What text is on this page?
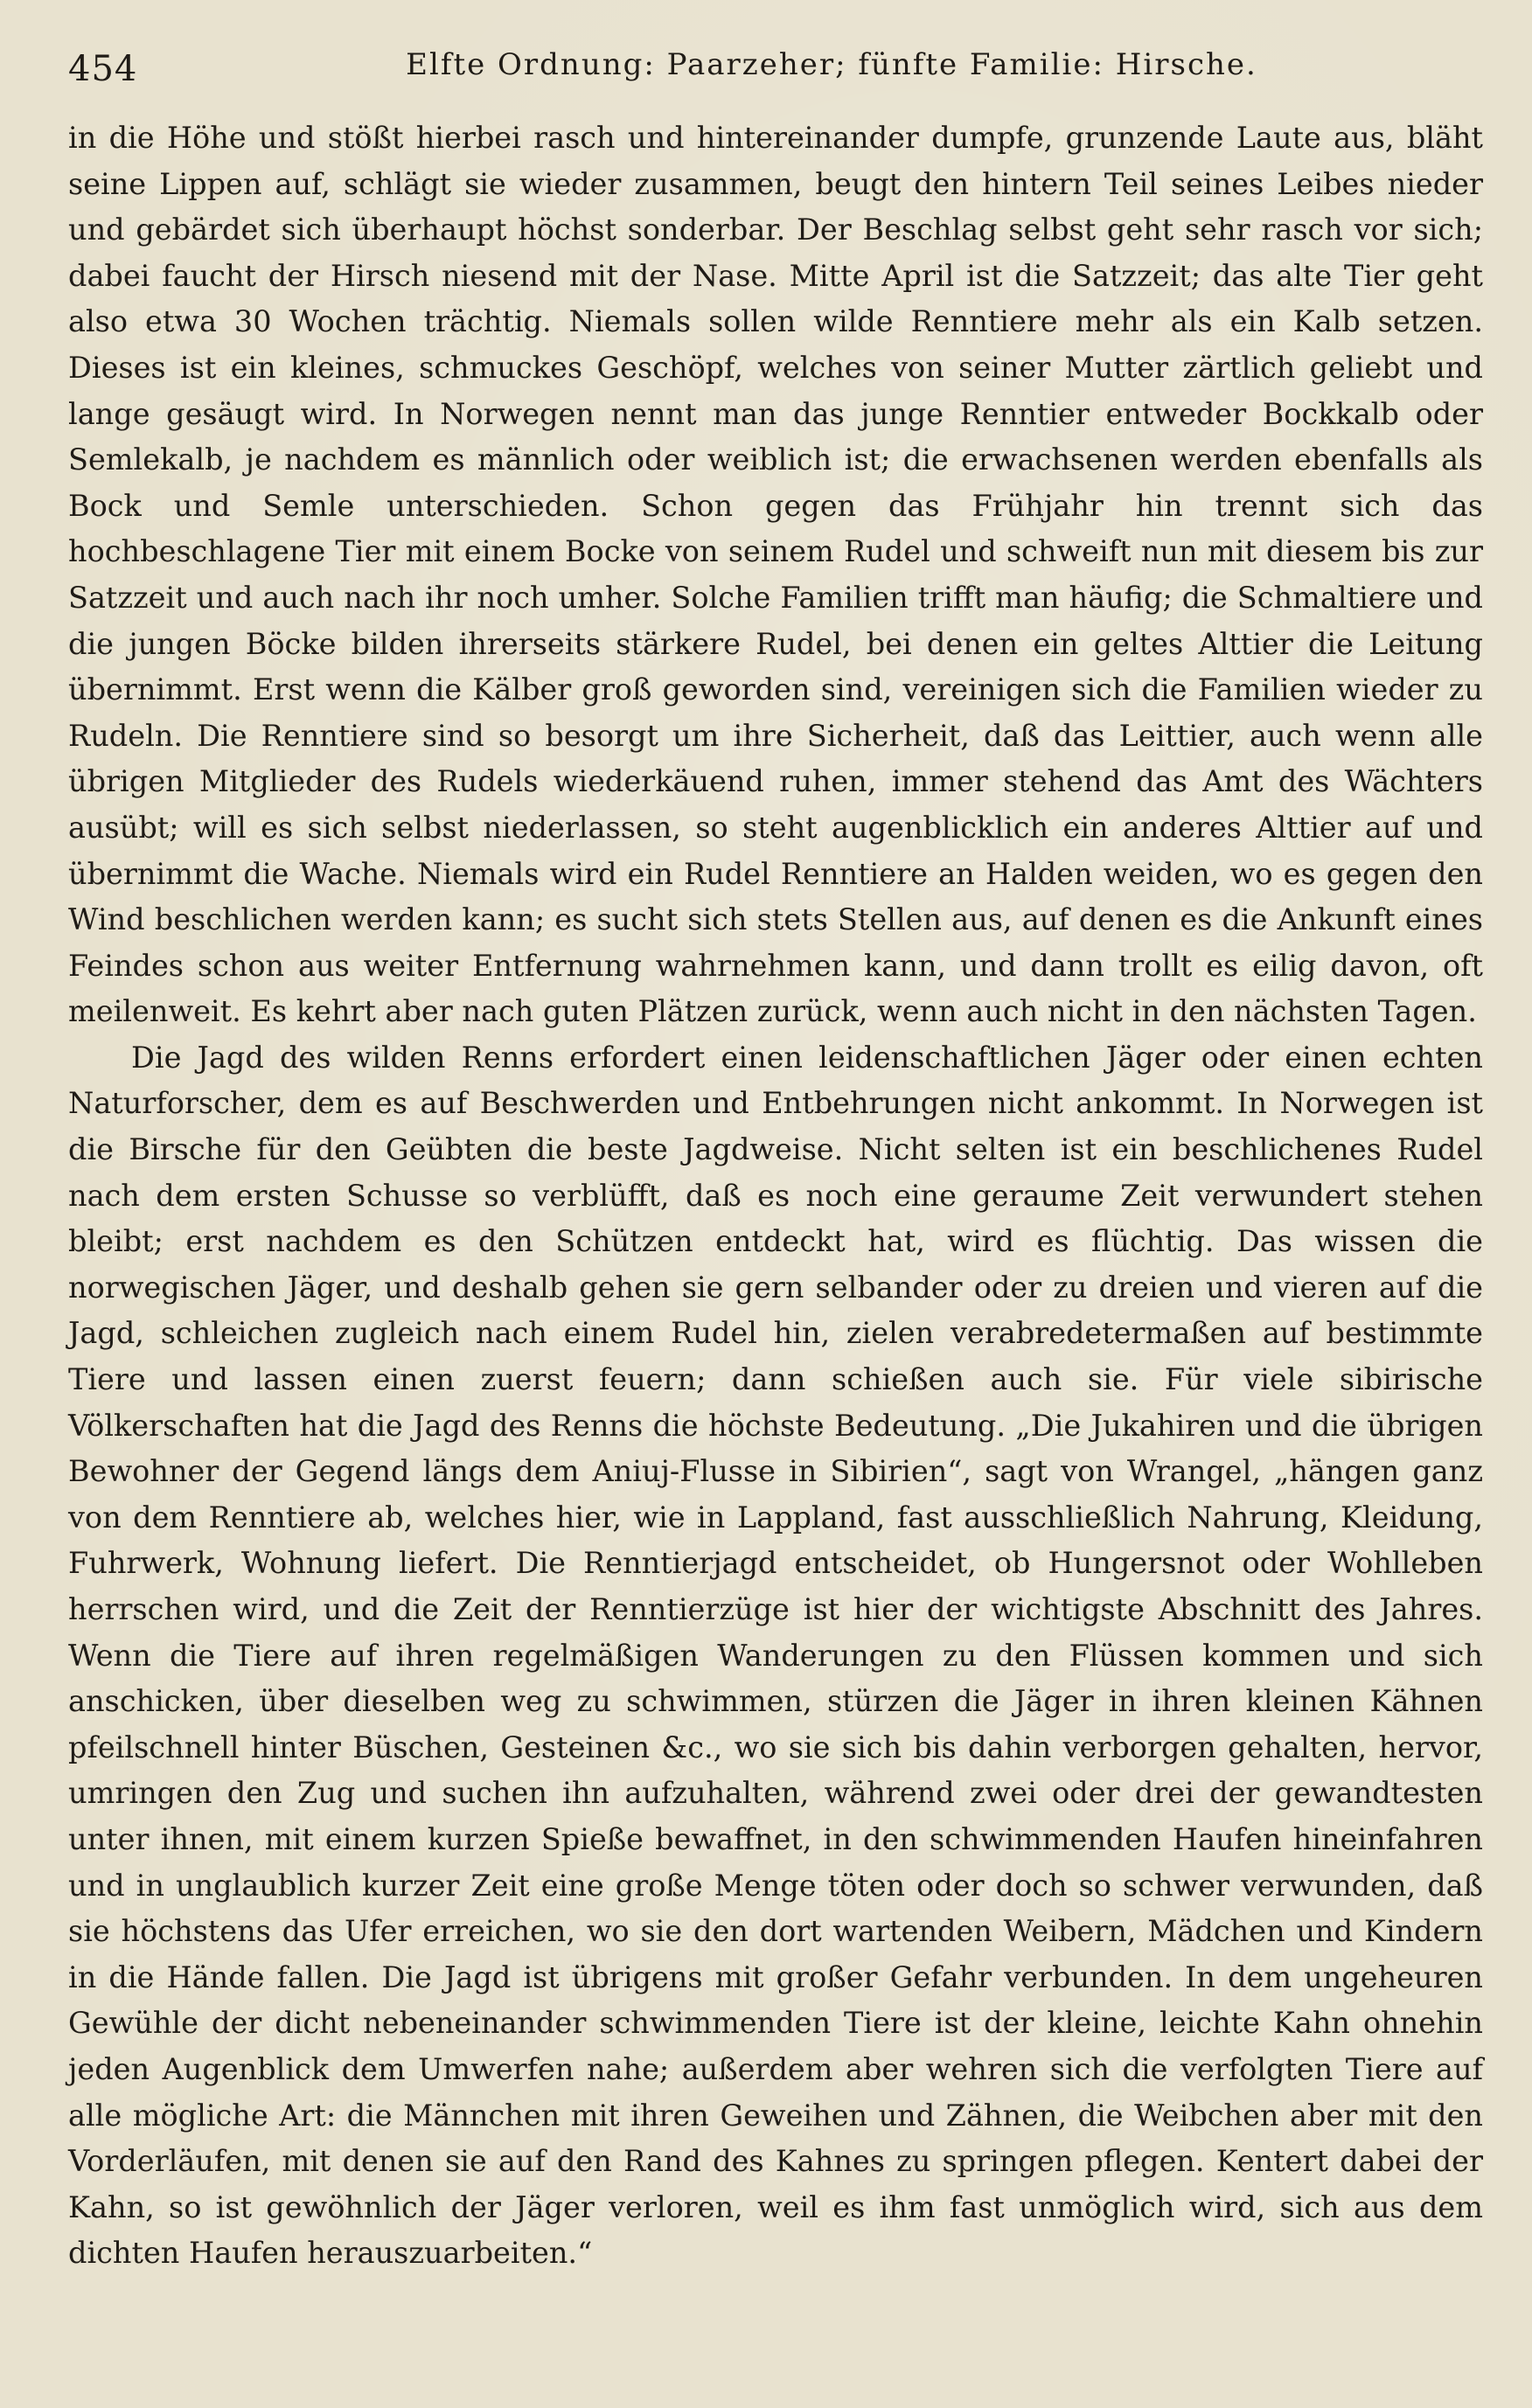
454	Elfte Ordnung: Paarzeher; fünfte Familie: Hirsche.

in die Höhe und stößt hierbei rasch und hintereinander dumpfe, grunzende Laute aus, bläht seine Lippen auf, schlägt sie wieder zusammen, beugt den hintern Teil seines Leibes nieder und gebärdet sich überhaupt höchst sonderbar. Der Beschlag selbst geht sehr rasch vor sich; dabei faucht der Hirsch niesend mit der Nase. Mitte April ist die Satzzeit; das alte Tier geht also etwa 30 Wochen trächtig. Niemals sollen wilde Renntiere mehr als ein Kalb setzen. Dieses ist ein kleines, schmuckes Geschöpf, welches von seiner Mutter zärtlich geliebt und lange gesäugt wird. In Norwegen nennt man das junge Renntier entweder Bockkalb oder Semlekalb, je nachdem es männlich oder weiblich ist; die erwachsenen werden ebenfalls als Bock und Semle unterschieden. Schon gegen das Frühjahr hin trennt sich das hochbeschlagene Tier mit einem Bocke von seinem Rudel und schweift nun mit diesem bis zur Satzzeit und auch nach ihr noch umher. Solche Familien trifft man häufig; die Schmaltiere und die jungen Böcke bilden ihrerseits stärkere Rudel, bei denen ein geltes Alttier die Leitung übernimmt. Erst wenn die Kälber groß geworden sind, vereinigen sich die Familien wieder zu Rudeln. Die Renntiere sind so besorgt um ihre Sicherheit, daß das Leittier, auch wenn alle übrigen Mitglieder des Rudels wiederkäuend ruhen, immer stehend das Amt des Wächters ausübt; will es sich selbst niederlassen, so steht augenblicklich ein anderes Alttier auf und übernimmt die Wache. Niemals wird ein Rudel Renntiere an Halden weiden, wo es gegen den Wind beschlichen werden kann; es sucht sich stets Stellen aus, auf denen es die Ankunft eines Feindes schon aus weiter Entfernung wahrnehmen kann, und dann trollt es eilig davon, oft meilenweit. Es kehrt aber nach guten Plätzen zurück, wenn auch nicht in den nächsten Tagen.

Die Jagd des wilden Renns erfordert einen leidenschaftlichen Jäger oder einen echten Naturforscher, dem es auf Beschwerden und Entbehrungen nicht ankommt. In Norwegen ist die Birsche für den Geübten die beste Jagdweise. Nicht selten ist ein beschlichenes Rudel nach dem ersten Schusse so verblüfft, daß es noch eine geraume Zeit verwundert stehen bleibt; erst nachdem es den Schützen entdeckt hat, wird es flüchtig. Das wissen die norwegischen Jäger, und deshalb gehen sie gern selbander oder zu dreien und vieren auf die Jagd, schleichen zugleich nach einem Rudel hin, zielen verabredetermaßen auf bestimmte Tiere und lassen einen zuerst feuern; dann schießen auch sie. Für viele sibirische Völkerschaften hat die Jagd des Renns die höchste Bedeutung. „Die Jukahiren und die übrigen Bewohner der Gegend längs dem Aniuj-Flusse in Sibirien“, sagt von Wrangel, „hängen ganz von dem Renntiere ab, welches hier, wie in Lappland, fast ausschließlich Nahrung, Kleidung, Fuhrwerk, Wohnung liefert. Die Renntierjagd entscheidet, ob Hungersnot oder Wohlleben herrschen wird, und die Zeit der Renntierzüge ist hier der wichtigste Abschnitt des Jahres. Wenn die Tiere auf ihren regelmäßigen Wanderungen zu den Flüssen kommen und sich anschicken, über dieselben weg zu schwimmen, stürzen die Jäger in ihren kleinen Kähnen pfeilschnell hinter Büschen, Gesteinen &c., wo sie sich bis dahin verborgen gehalten, hervor, umringen den Zug und suchen ihn aufzuhalten, während zwei oder drei der gewandtesten unter ihnen, mit einem kurzen Spieße bewaffnet, in den schwimmenden Haufen hineinfahren und in unglaublich kurzer Zeit eine große Menge töten oder doch so schwer verwunden, daß sie höchstens das Ufer erreichen, wo sie den dort wartenden Weibern, Mädchen und Kindern in die Hände fallen. Die Jagd ist übrigens mit großer Gefahr verbunden. In dem ungeheuren Gewühle der dicht nebeneinander schwimmenden Tiere ist der kleine, leichte Kahn ohnehin jeden Augenblick dem Umwerfen nahe; außerdem aber wehren sich die verfolgten Tiere auf alle mögliche Art: die Männchen mit ihren Geweihen und Zähnen, die Weibchen aber mit den Vorderläufen, mit denen sie auf den Rand des Kahnes zu springen pflegen. Kentert dabei der Kahn, so ist gewöhnlich der Jäger verloren, weil es ihm fast unmöglich wird, sich aus dem dichten Haufen herauszuarbeiten.“
